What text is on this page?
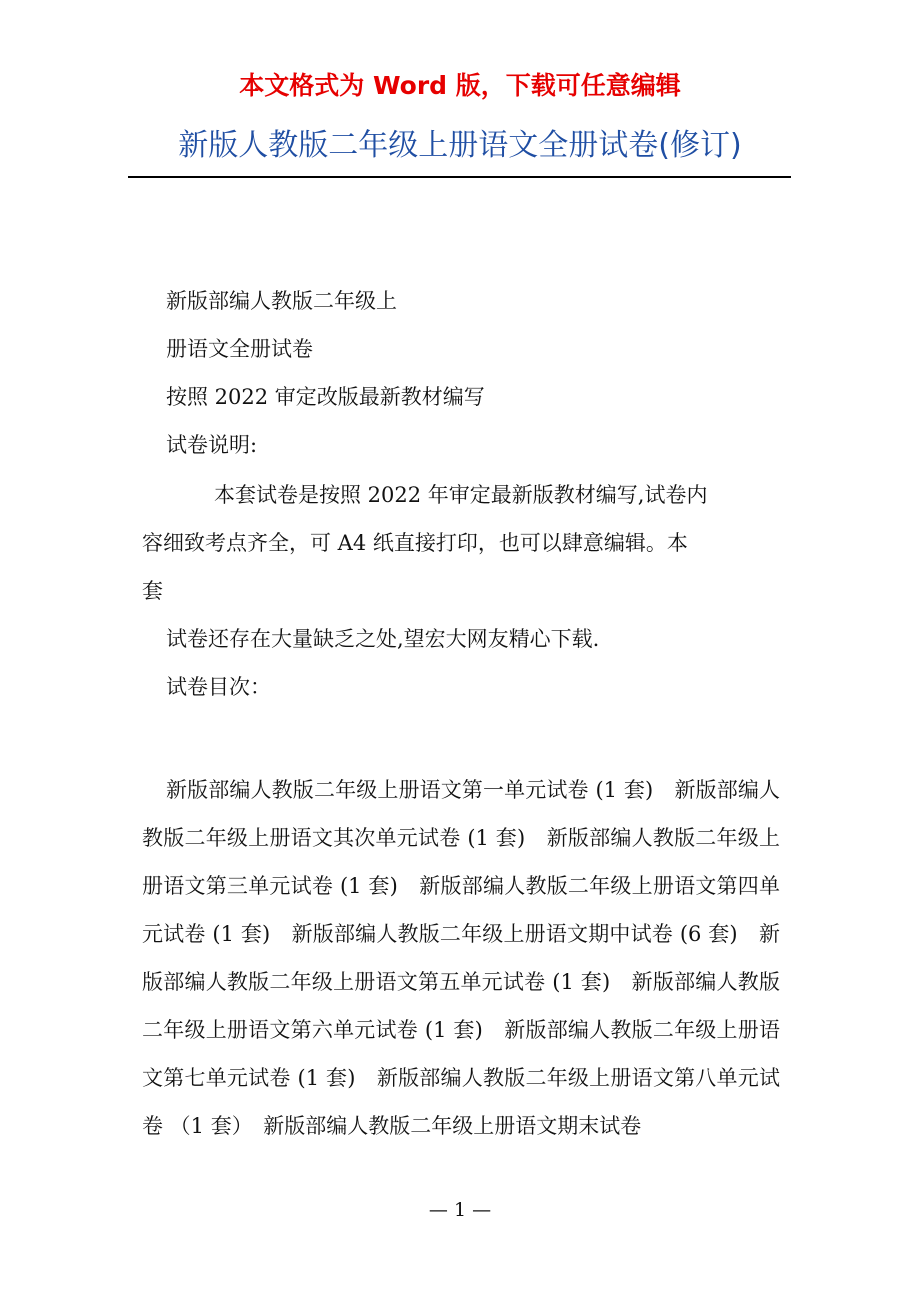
本文格式为 Word 版，下载可任意编辑
新版人教版二年级上册语文全册试卷(修订)
新版部编人教版二年级上
册语文全册试卷
按照 2022 审定改版最新教材编写
试卷说明:
本套试卷是按照 2022 年审定最新版教材编写,试卷内
容细致考点齐全，可 A4 纸直接打印，也可以肆意编辑。本
套
试卷还存在大量缺乏之处,望宏大网友精心下载.
试卷目次：
新版部编人教版二年级上册语文第一单元试卷 (1 套)　新版部编人教版二年级上册语文其次单元试卷 (1 套)　新版部编人教版二年级上册语文第三单元试卷 (1 套)　新版部编人教版二年级上册语文第四单元试卷 (1 套)　新版部编人教版二年级上册语文期中试卷 (6 套)　新版部编人教版二年级上册语文第五单元试卷 (1 套)　新版部编人教版二年级上册语文第六单元试卷 (1 套)　新版部编人教版二年级上册语文第七单元试卷 (1 套)　新版部编人教版二年级上册语文第八单元试卷 （1 套）　新版部编人教版二年级上册语文期末试卷
— 1 —
